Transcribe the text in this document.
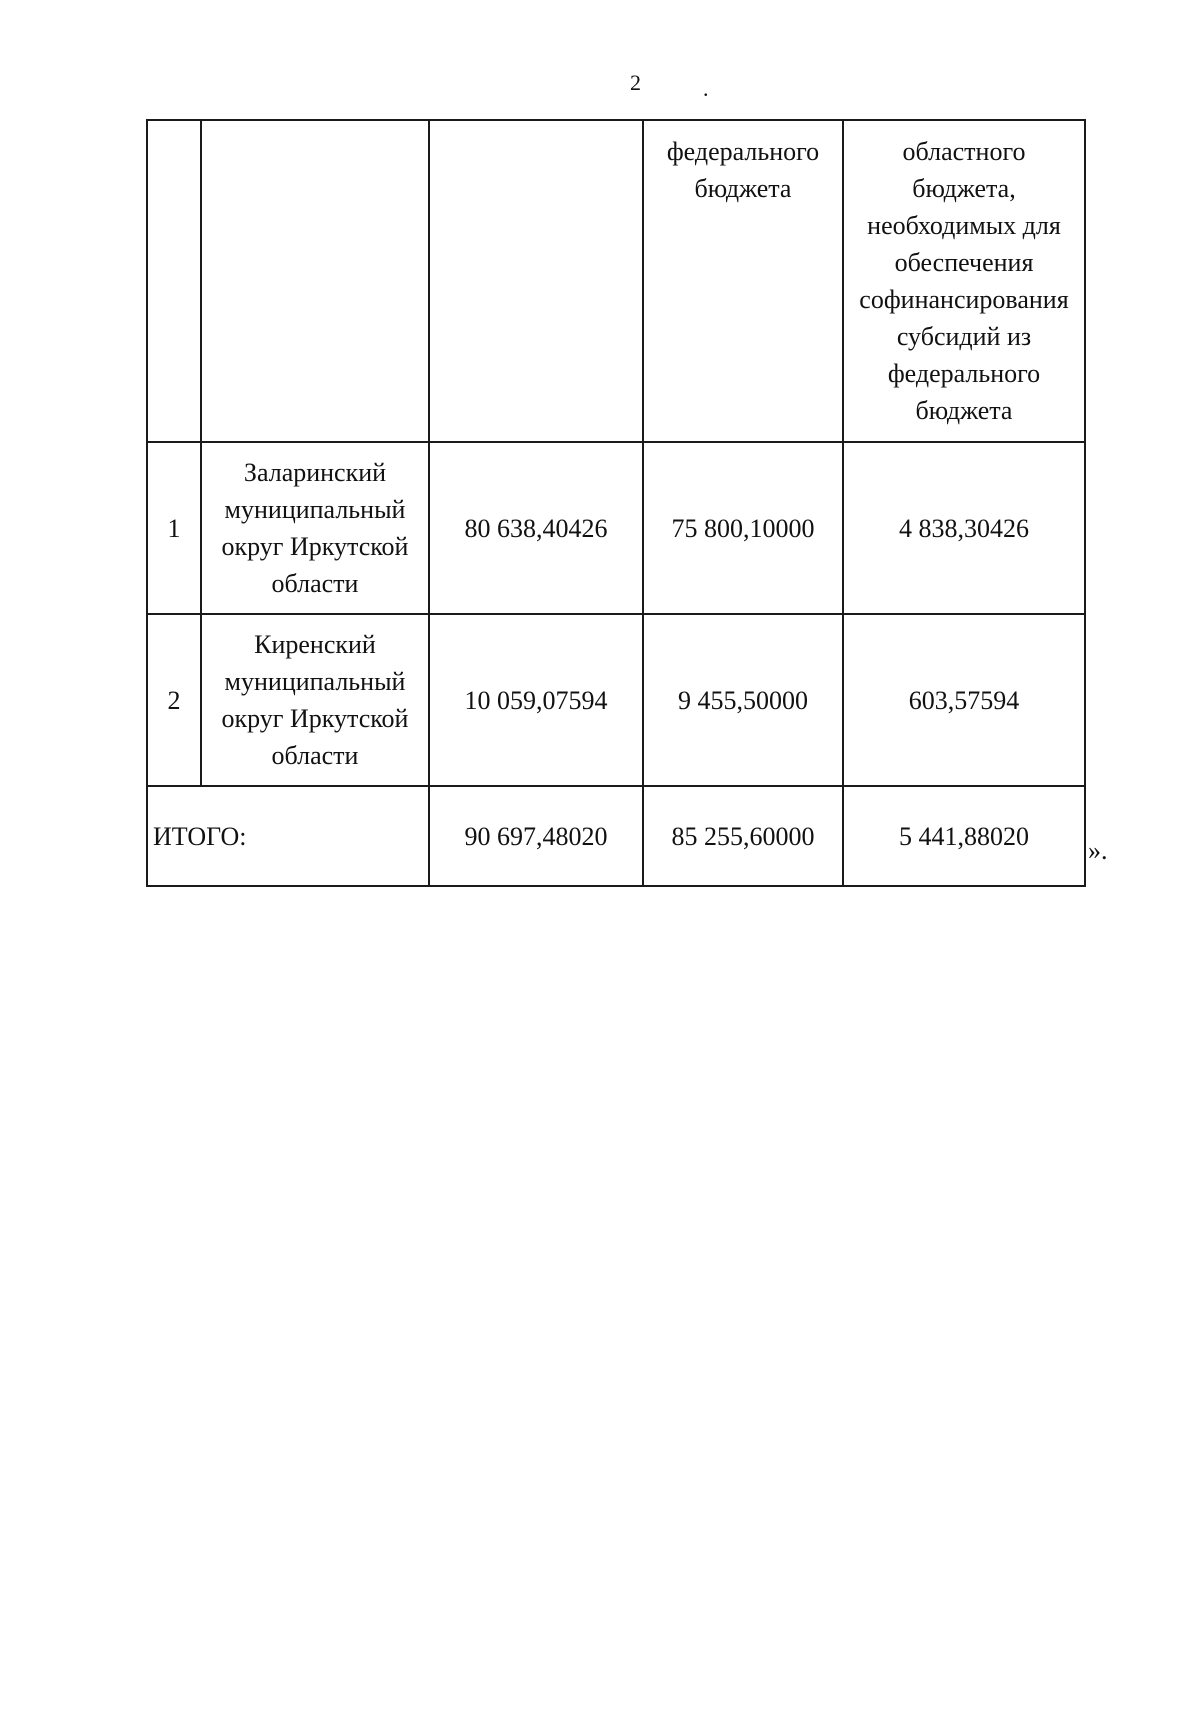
2	.
			федерального бюджета	областного бюджета, необходимых для обеспечения софинансирования субсидий из федерального бюджета
1	Заларинский муниципальный округ Иркутской области	80 638,40426	75 800,10000	4 838,30426
2	Киренский муниципальный округ Иркутской области	10 059,07594	9 455,50000	603,57594
ИТОГО:		90 697,48020	85 255,60000	5 441,88020 ».
